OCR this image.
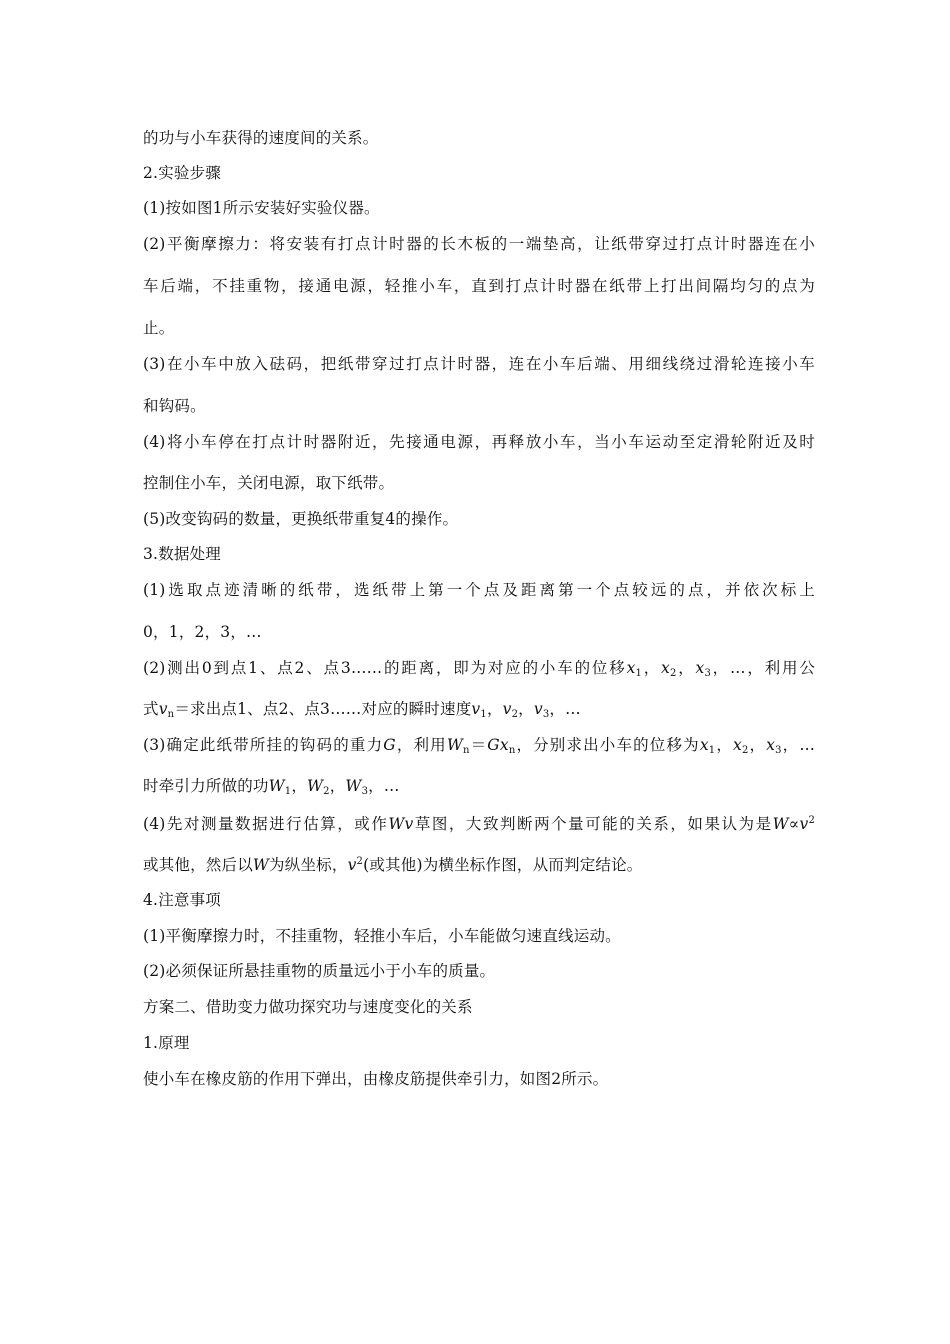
的功与小车获得的速度间的关系。

2.实验步骤

(1)按如图1所示安装好实验仪器。

(2)平衡摩擦力：将安装有打点计时器的长木板的一端垫高，让纸带穿过打点计时器连在小

车后端，不挂重物，接通电源，轻推小车，直到打点计时器在纸带上打出间隔均匀的点为

止。

(3)在小车中放入砝码，把纸带穿过打点计时器，连在小车后端、用细线绕过滑轮连接小车

和钩码。

(4)将小车停在打点计时器附近，先接通电源，再释放小车，当小车运动至定滑轮附近及时

控制住小车，关闭电源，取下纸带。

(5)改变钩码的数量，更换纸带重复4的操作。

3.数据处理

(1)选取点迹清晰的纸带，选纸带上第一个点及距离第一个点较远的点，并依次标上

0，1，2，3，…

(2)测出0到点1、点2、点3……的距离，即为对应的小车的位移$x_1$，$x_2$，$x_3$，…，利用公

式$v_n=$求出点1、点2、点3……对应的瞬时速度$v_1$，$v_2$，$v_3$，…

(3)确定此纸带所挂的钩码的重力G，利用$W_n=Gx_n$，分别求出小车的位移为$x_1$，$x_2$，$x_3$，…

时牵引力所做的功$W_1$，$W_2$，$W_3$，…

(4)先对测量数据进行估算，或作Wv草图，大致判断两个量可能的关系，如果认为是$W\propto v^2$

或其他，然后以W为纵坐标，$v^2$(或其他)为横坐标作图，从而判定结论。

4.注意事项

(1)平衡摩擦力时，不挂重物，轻推小车后，小车能做匀速直线运动。

(2)必须保证所悬挂重物的质量远小于小车的质量。

方案二、借助变力做功探究功与速度变化的关系

1.原理

使小车在橡皮筋的作用下弹出，由橡皮筋提供牵引力，如图2所示。
